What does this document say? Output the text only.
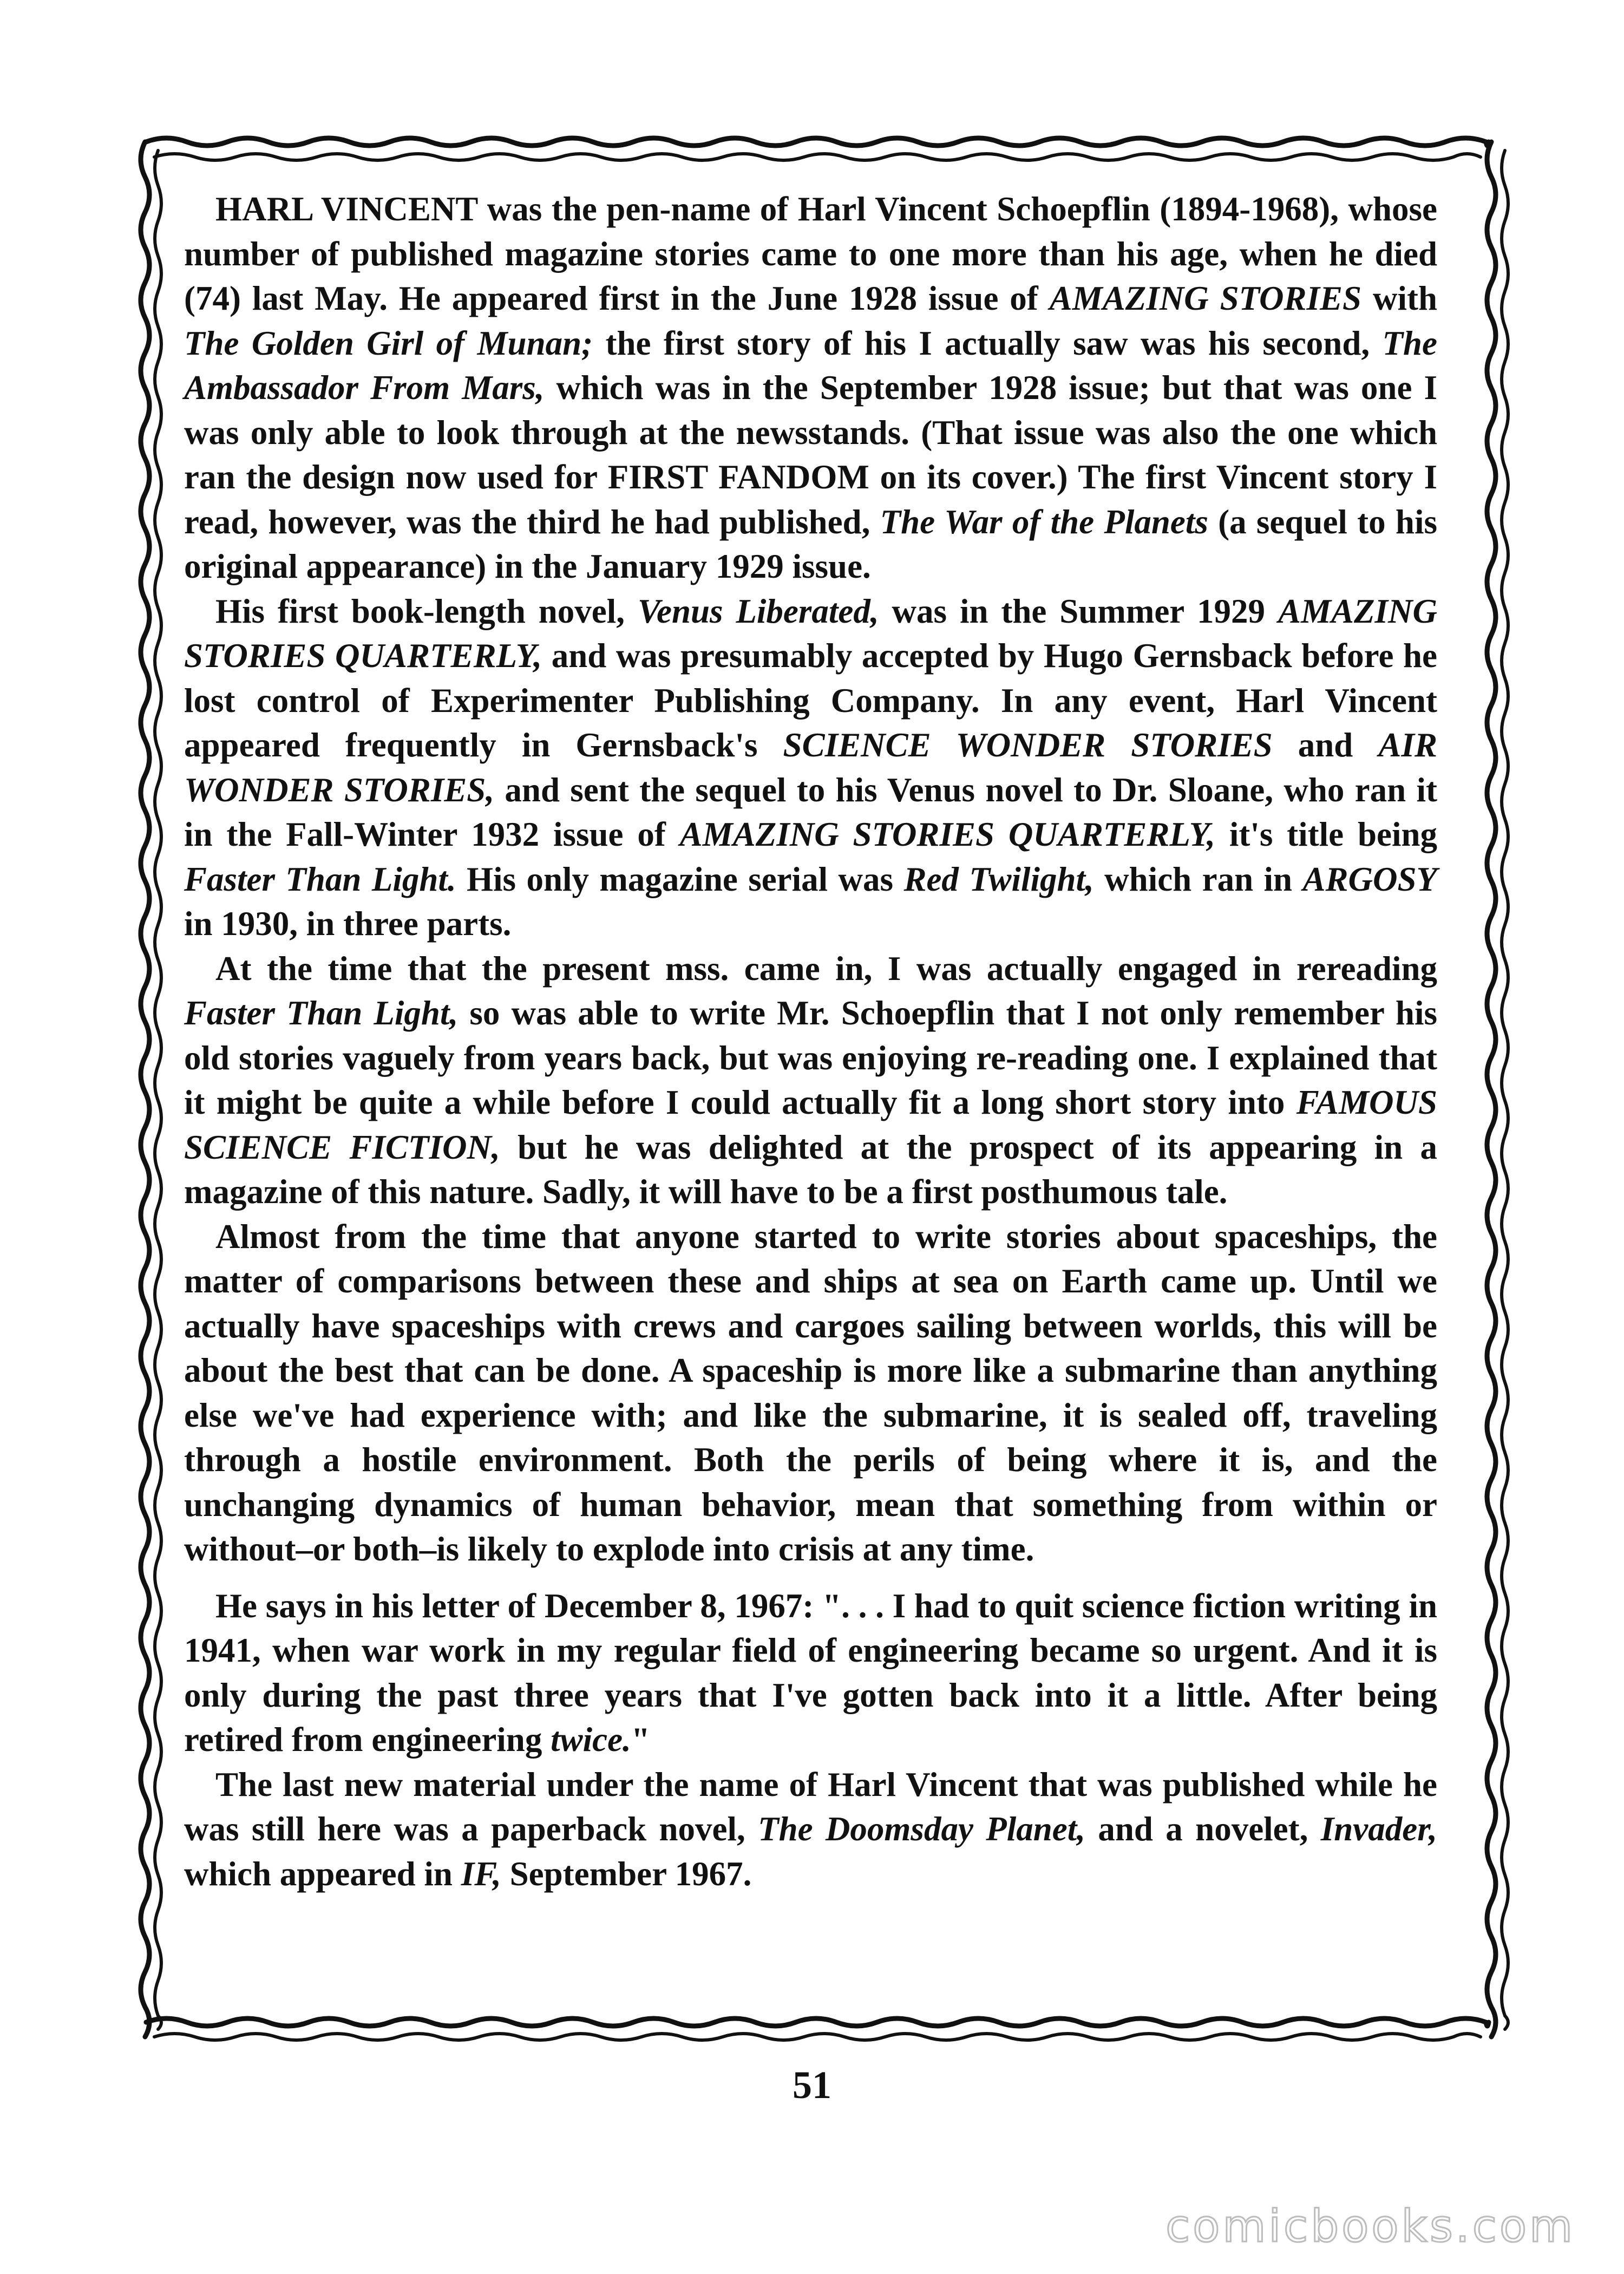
HARL VINCENT was the pen-name of Harl Vincent Schoepflin (1894-1968), whose number of published magazine stories came to one more than his age, when he died (74) last May. He appeared first in the June 1928 issue of AMAZING STORIES with The Golden Girl of Munan; the first story of his I actually saw was his second, The Ambassador From Mars, which was in the September 1928 issue; but that was one I was only able to look through at the newsstands. (That issue was also the one which ran the design now used for FIRST FANDOM on its cover.) The first Vincent story I read, however, was the third he had published, The War of the Planets (a sequel to his original appearance) in the January 1929 issue.

His first book-length novel, Venus Liberated, was in the Summer 1929 AMAZING STORIES QUARTERLY, and was presumably accepted by Hugo Gernsback before he lost control of Experimenter Publishing Company. In any event, Harl Vincent appeared frequently in Gernsback's SCIENCE WONDER STORIES and AIR WONDER STORIES, and sent the sequel to his Venus novel to Dr. Sloane, who ran it in the Fall-Winter 1932 issue of AMAZING STORIES QUARTERLY, it's title being Faster Than Light. His only magazine serial was Red Twilight, which ran in ARGOSY in 1930, in three parts.

At the time that the present mss. came in, I was actually engaged in rereading Faster Than Light, so was able to write Mr. Schoepflin that I not only remember his old stories vaguely from years back, but was enjoying re-reading one. I explained that it might be quite a while before I could actually fit a long short story into FAMOUS SCIENCE FICTION, but he was delighted at the prospect of its appearing in a magazine of this nature. Sadly, it will have to be a first posthumous tale.

Almost from the time that anyone started to write stories about spaceships, the matter of comparisons between these and ships at sea on Earth came up. Until we actually have spaceships with crews and cargoes sailing between worlds, this will be about the best that can be done. A spaceship is more like a submarine than anything else we've had experience with; and like the submarine, it is sealed off, traveling through a hostile environment. Both the perils of being where it is, and the unchanging dynamics of human behavior, mean that something from within or without–or both–is likely to explode into crisis at any time.

He says in his letter of December 8, 1967: ". . . I had to quit science fiction writing in 1941, when war work in my regular field of engineering became so urgent. And it is only during the past three years that I've gotten back into it a little. After being retired from engineering twice."

The last new material under the name of Harl Vincent that was published while he was still here was a paperback novel, The Doomsday Planet, and a novelet, Invader, which appeared in IF, September 1967.

51
comicbooks.com
